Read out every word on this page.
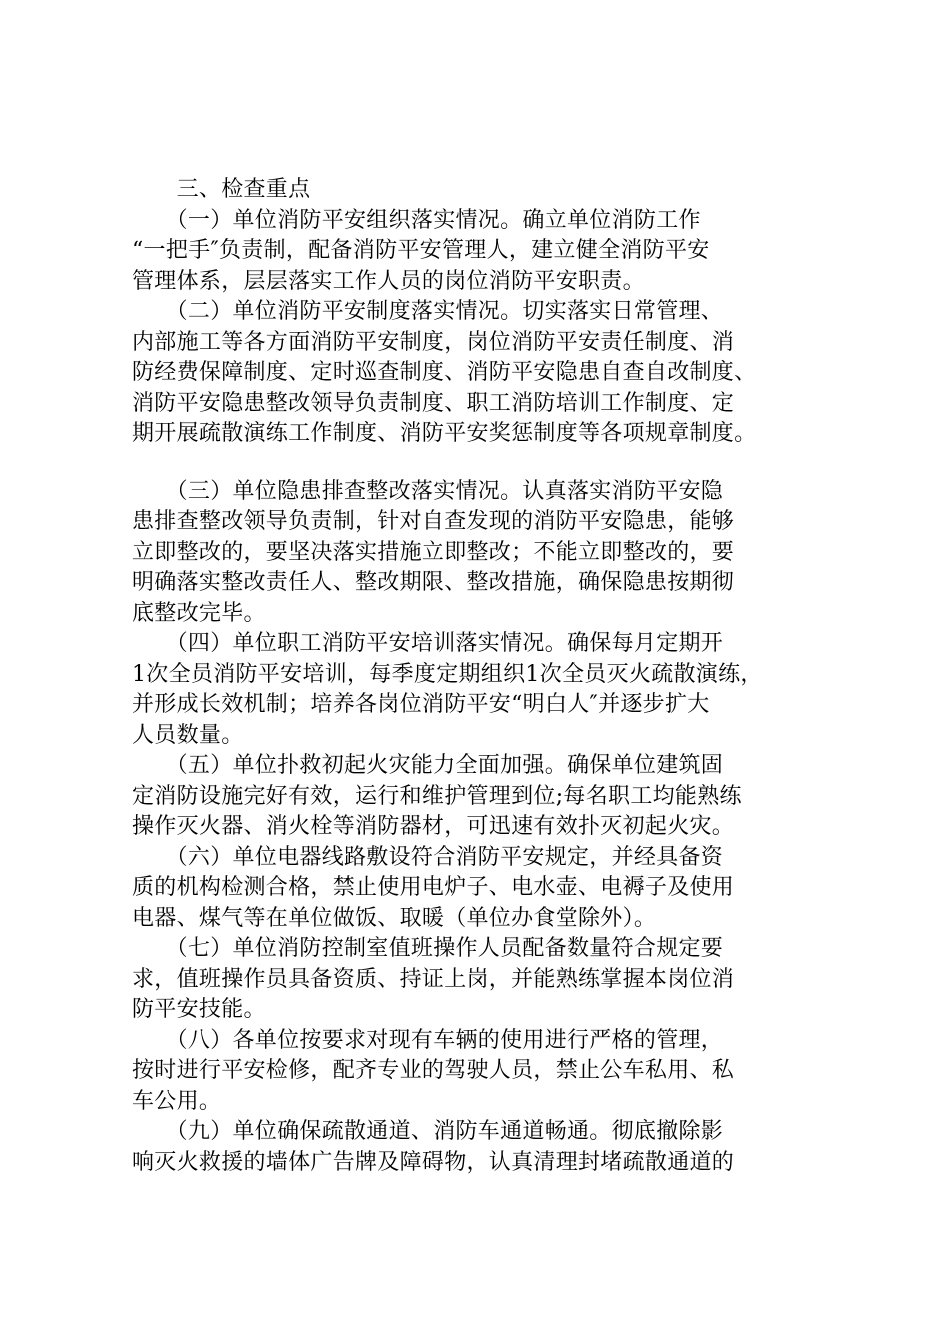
　　三、检查重点
　　（一）单位消防平安组织落实情况。确立单位消防工作
“一把手″负责制，配备消防平安管理人，建立健全消防平安
管理体系，层层落实工作人员的岗位消防平安职责。
　　（二）单位消防平安制度落实情况。切实落实日常管理、
内部施工等各方面消防平安制度，岗位消防平安责任制度、消
防经费保障制度、定时巡查制度、消防平安隐患自查自改制度、
消防平安隐患整改领导负责制度、职工消防培训工作制度、定
期开展疏散演练工作制度、消防平安奖惩制度等各项规章制度。
　　（三）单位隐患排查整改落实情况。认真落实消防平安隐
患排查整改领导负责制，针对自查发现的消防平安隐患，能够
立即整改的，要坚决落实措施立即整改；不能立即整改的，要
明确落实整改责任人、整改期限、整改措施，确保隐患按期彻
底整改完毕。
　　（四）单位职工消防平安培训落实情况。确保每月定期开
1次全员消防平安培训，每季度定期组织1次全员灭火疏散演练，
并形成长效机制；培养各岗位消防平安“明白人″并逐步扩大
人员数量。
　　（五）单位扑救初起火灾能力全面加强。确保单位建筑固
定消防设施完好有效，运行和维护管理到位;每名职工均能熟练
操作灭火器、消火栓等消防器材，可迅速有效扑灭初起火灾。
　　（六）单位电器线路敷设符合消防平安规定，并经具备资
质的机构检测合格，禁止使用电炉子、电水壶、电褥子及使用
电器、煤气等在单位做饭、取暖（单位办食堂除外）。
　　（七）单位消防控制室值班操作人员配备数量符合规定要
求，值班操作员具备资质、持证上岗，并能熟练掌握本岗位消
防平安技能。
　　（八）各单位按要求对现有车辆的使用进行严格的管理，
按时进行平安检修，配齐专业的驾驶人员，禁止公车私用、私
车公用。
　　（九）单位确保疏散通道、消防车通道畅通。彻底撤除影
响灭火救援的墙体广告牌及障碍物，认真清理封堵疏散通道的
